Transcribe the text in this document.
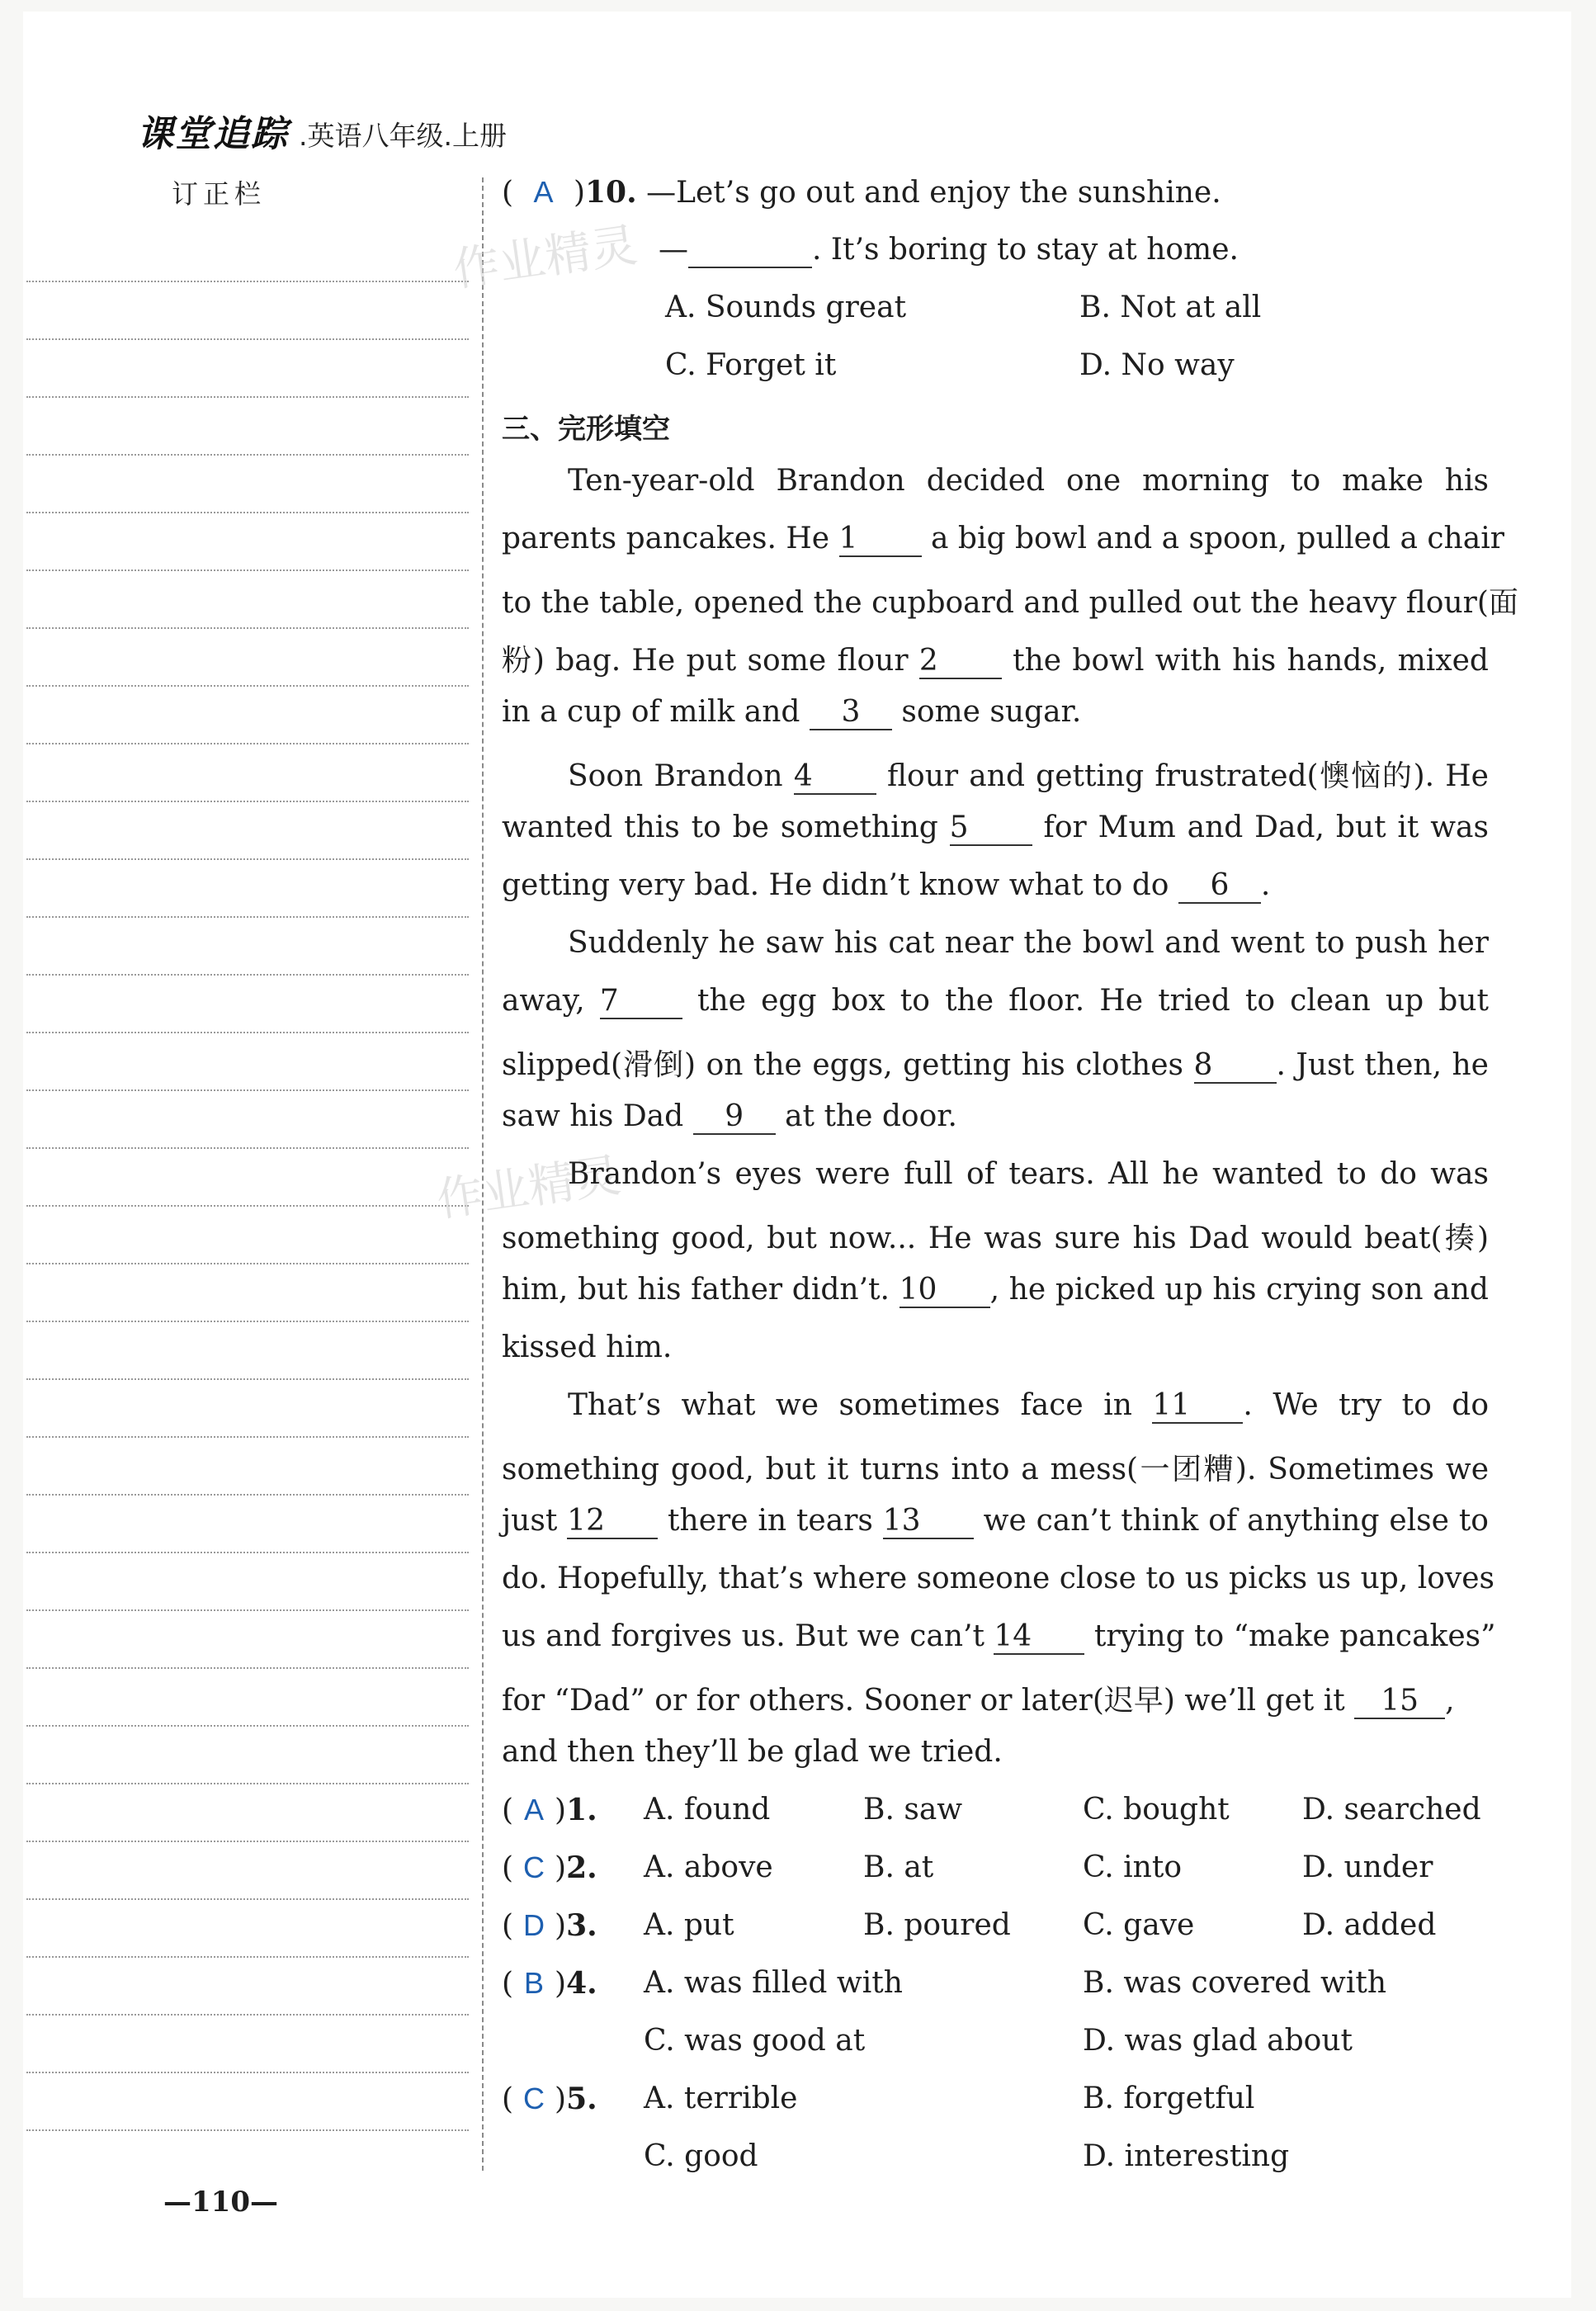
课堂追踪 .英语八年级.上册
订正栏
作业精灵
作业精灵
( A )10. —Let’s go out and enjoy the sunshine.
—	. It’s boring to stay at home.
A. Sounds great	B. Not at all
C. Forget it	D. No way
三、完形填空
Ten-year-old Brandon decided one morning to make his
parents pancakes. He 1 a big bowl and a spoon, pulled a chair
to the table, opened the cupboard and pulled out the heavy flour(面
粉) bag. He put some flour 2	the bowl with his hands, mixed
in a cup of milk and 3 some sugar.
Soon Brandon 4	flour and getting frustrated(懊恼的). He
wanted this to be something 5	for Mum and Dad, but it was
getting very bad. He didn’t know what to do 6 .
Suddenly he saw his cat near the bowl and went to push her
away, 7	the egg box to the floor. He tried to clean up but
slipped(滑倒) on the eggs, getting his clothes 8 . Just then, he
saw his Dad 9 at the door.
Brandon’s eyes were full of tears. All he wanted to do was
something good, but now... He was sure his Dad would beat(揍)
him, but his father didn’t. 10 , he picked up his crying son and
kissed him.
That’s what we sometimes face in 11 . We try to do
something good, but it turns into a mess(一团糟). Sometimes we
just 12 there in tears 13 we can’t think of anything else to
do. Hopefully, that’s where someone close to us picks us up, loves
us and forgives us. But we can’t 14 trying to “make pancakes”
for “Dad” or for others. Sooner or later(迟早) we’ll get it 15 ,
and then they’ll be glad we tried.
( A )1. A. found	B. saw	C. bought D. searched
( C )2. A. above	B. at	C. into	D. under
( D )3. A. put	B. poured C. gave	D. added
( B )4. A. was filled with	B. was covered with
C. was good at	D. was glad about
( C )5. A. terrible	B. forgetful
C. good	D. interesting
—110—
